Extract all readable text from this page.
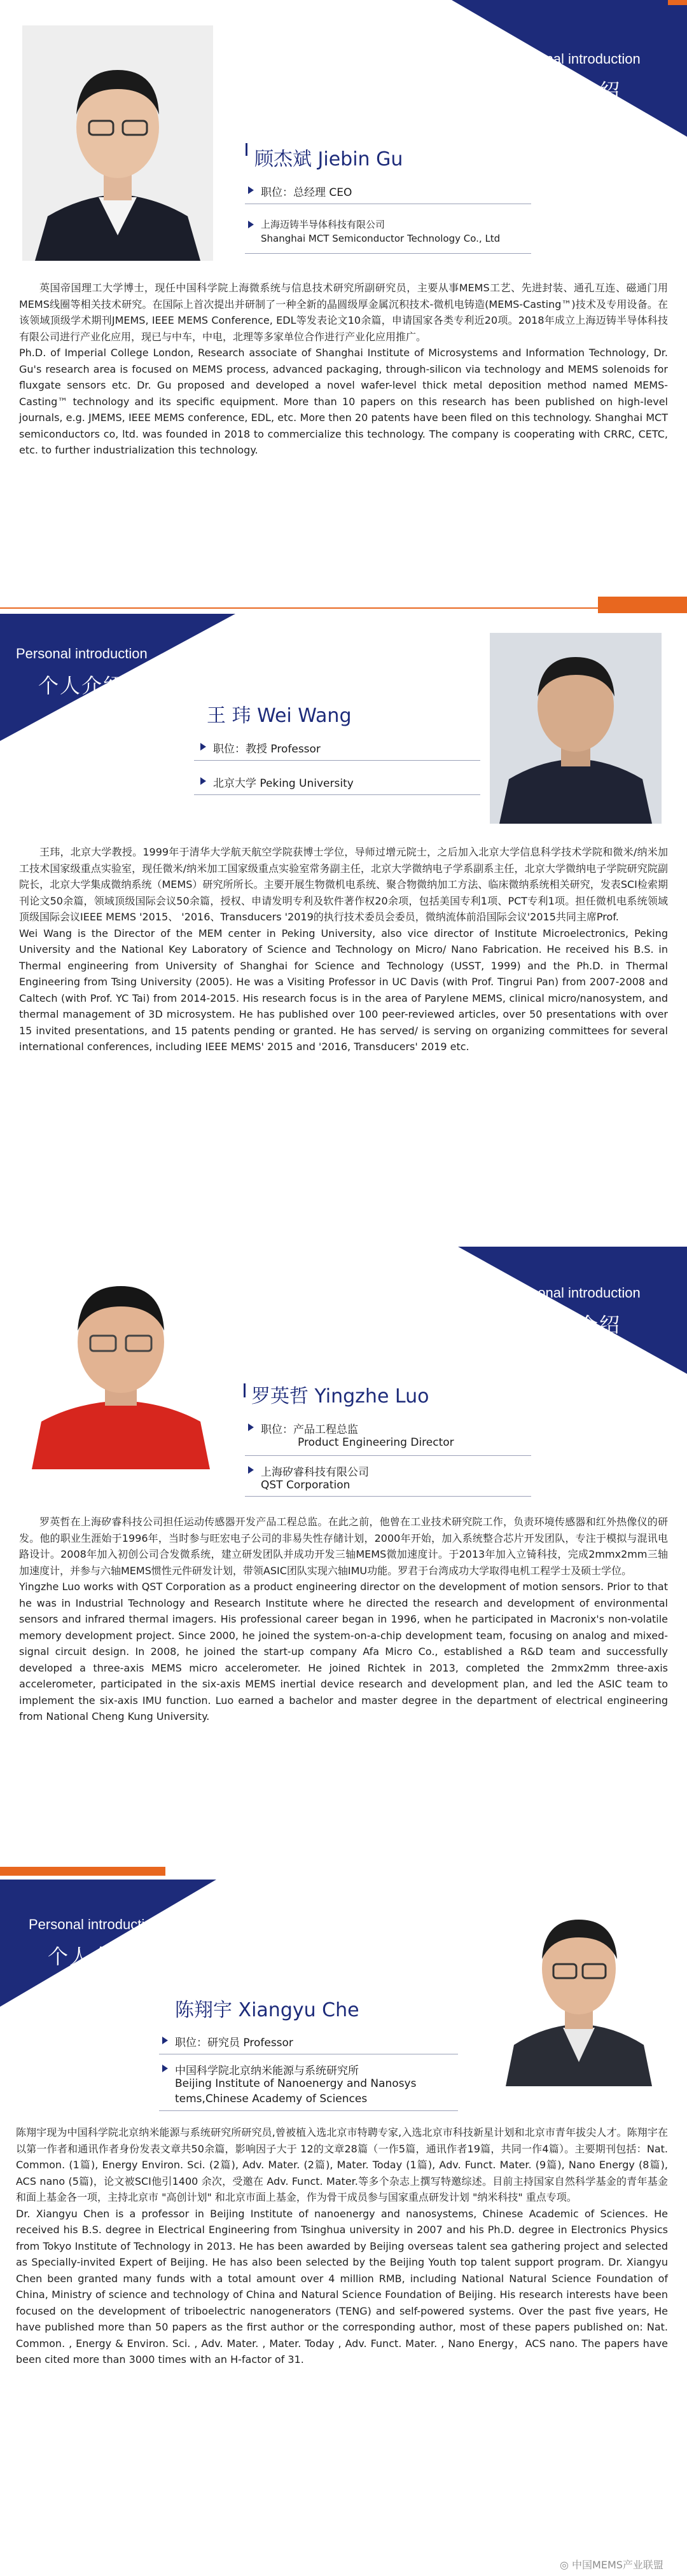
Personal introduction
个人介绍
顾杰斌 Jiebin Gu
职位：总经理 CEO
上海迈铸半导体科技有限公司
Shanghai MCT Semiconductor Technology Co., Ltd

英国帝国理工大学博士，现任中国科学院上海微系统与信息技术研究所副研究员，主要从事MEMS工艺、先进封装、通孔互连、磁通门用MEMS线圈等相关技术研究。在国际上首次提出并研制了一种全新的晶圆级厚金属沉积技术-微机电铸造(MEMS-Casting™)技术及专用设备。在该领域顶级学术期刊JMEMS, IEEE MEMS Conference, EDL等发表论文10余篇，申请国家各类专利近20项。2018年成立上海迈铸半导体科技有限公司进行产业化应用，现已与中车，中电，北理等多家单位合作进行产业化应用推广。

Ph.D. of Imperial College London, Research associate of Shanghai Institute of Microsystems and Information Technology, Dr. Gu's research area is focused on MEMS process, advanced packaging, through-silicon via technology and MEMS solenoids for fluxgate sensors etc. Dr. Gu proposed and developed a novel wafer-level thick metal deposition method named MEMS-Casting™ technology and its specific equipment. More than 10 papers on this research has been published on high-level journals, e.g. JMEMS, IEEE MEMS conference, EDL, etc. More then 20 patents have been filed on this technology. Shanghai MCT semiconductors co, ltd. was founded in 2018 to commercialize this technology. The company is cooperating with CRRC, CETC, etc. to further industrialization this technology.

Personal introduction
个人介绍
王 玮 Wei Wang
职位：教授 Professor
北京大学 Peking University

王玮，北京大学教授。1999年于清华大学航天航空学院获博士学位，导师过增元院士，之后加入北京大学信息科学技术学院和微米/纳米加工技术国家级重点实验室，现任微米/纳米加工国家级重点实验室常务副主任，北京大学微纳电子学系副系主任，北京大学微纳电子学院研究院副院长，北京大学集成微纳系统（MEMS）研究所所长。主要开展生物微机电系统、聚合物微纳加工方法、临床微纳系统相关研究，发表SCI检索期刊论文50余篇，领域顶级国际会议50余篇，授权、申请发明专利及软件著作权20余项，包括美国专利1项、PCT专利1项。担任微机电系统领域顶级国际会议IEEE MEMS '2015、 '2016、Transducers '2019的执行技术委员会委员，微纳流体前沿国际会议'2015共同主席Prof.

Wei Wang is the Director of the MEM center in Peking University, also vice director of Institute Microelectronics, Peking University and the National Key Laboratory of Science and Technology on Micro/ Nano Fabrication. He received his B.S. in Thermal engineering from University of Shanghai for Science and Technology (USST, 1999) and the Ph.D. in Thermal Engineering from Tsing University (2005). He was a Visiting Professor in UC Davis (with Prof. Tingrui Pan) from 2007-2008 and Caltech (with Prof. YC Tai) from 2014-2015. His research focus is in the area of Parylene MEMS, clinical micro/nanosystem, and thermal management of 3D microsystem. He has published over 100 peer-reviewed articles, over 50 presentations with over 15 invited presentations, and 15 patents pending or granted. He has served/ is serving on organizing committees for several international conferences, including IEEE MEMS' 2015 and '2016, Transducers' 2019 etc.

Personal introduction
个人介绍
罗英哲 Yingzhe Luo
职位：产品工程总监
Product Engineering Director
上海矽睿科技有限公司
QST Corporation

罗英哲在上海矽睿科技公司担任运动传感器开发产品工程总监。在此之前，他曾在工业技术研究院工作，负责环境传感器和红外热像仪的研发。他的职业生涯始于1996年，当时参与旺宏电子公司的非易失性存储计划，2000年开始，加入系统整合芯片开发团队，专注于模拟与混讯电路设计。2008年加入初创公司合发微系统，建立研发团队并成功开发三轴MEMS微加速度计。于2013年加入立锜科技，完成2mmx2mm三轴加速度计，并参与六轴MEMS惯性元件研发计划，带领ASIC团队实现六轴IMU功能。罗君于台湾成功大学取得电机工程学士及硕士学位。

Yingzhe Luo works with QST Corporation as a product engineering director on the development of motion sensors. Prior to that he was in Industrial Technology and Research Institute where he directed the research and development of environmental sensors and infrared thermal imagers. His professional career began in 1996, when he participated in Macronix's non-volatile memory development project. Since 2000, he joined the system-on-a-chip development team, focusing on analog and mixed-signal circuit design. In 2008, he joined the start-up company Afa Micro Co., established a R&D team and successfully developed a three-axis MEMS micro accelerometer. He joined Richtek in 2013, completed the 2mmx2mm three-axis accelerometer, participated in the six-axis MEMS inertial device research and development plan, and led the ASIC team to implement the six-axis IMU function. Luo earned a bachelor and master degree in the department of electrical engineering from National Cheng Kung University.

Personal introduction
个人介绍
陈翔宇 Xiangyu Che
职位：研究员 Professor
中国科学院北京纳米能源与系统研究所
Beijing Institute of Nanoenergy and Nanosys
tems,Chinese Academy of Sciences

陈翔宇现为中国科学院北京纳米能源与系统研究所研究员,曾被植入选北京市特聘专家,入选北京市科技新星计划和北京市青年拔尖人才。陈翔宇在以第一作者和通讯作者身份发表文章共50余篇，影响因子大于 12的文章28篇（一作5篇，通讯作者19篇，共同一作4篇）。主要期刊包括：Nat. Common. (1篇), Energy Environ. Sci. (2篇), Adv. Mater. (2篇), Mater. Today (1篇), Adv. Funct. Mater. (9篇), Nano Energy (8篇), ACS nano (5篇)，论文被SCI他引1400 余次，受邀在 Adv. Funct. Mater.等多个杂志上撰写特邀综述。目前主持国家自然科学基金的青年基金和面上基金各一项，主持北京市 "高创计划" 和北京市面上基金，作为骨干成员参与国家重点研发计划 "纳米科技" 重点专项。

Dr. Xiangyu Chen is a professor in Beijing Institute of nanoenergy and nanosystems, Chinese Academic of Sciences. He received his B.S. degree in Electrical Engineering from Tsinghua university in 2007 and his Ph.D. degree in Electronics Physics from Tokyo Institute of Technology in 2013. He has been awarded by Beijing overseas talent sea gathering project and selected as Specially-invited Expert of Beijing. He has also been selected by the Beijing Youth top talent support program. Dr. Xiangyu Chen been granted many funds with a total amount over 4 million RMB, including National Natural Science Foundation of China, Ministry of science and technology of China and Natural Science Foundation of Beijing. His research interests have been focused on the development of triboelectric nanogenerators (TENG) and self-powered systems. Over the past five years, He have published more than 50 papers as the first author or the corresponding author, most of these papers published on: Nat. Common. , Energy & Environ. Sci. , Adv. Mater. , Mater. Today , Adv. Funct. Mater. , Nano Energy，ACS nano. The papers have been cited more than 3000 times with an H-factor of 31.

◎ 中国MEMS产业联盟
